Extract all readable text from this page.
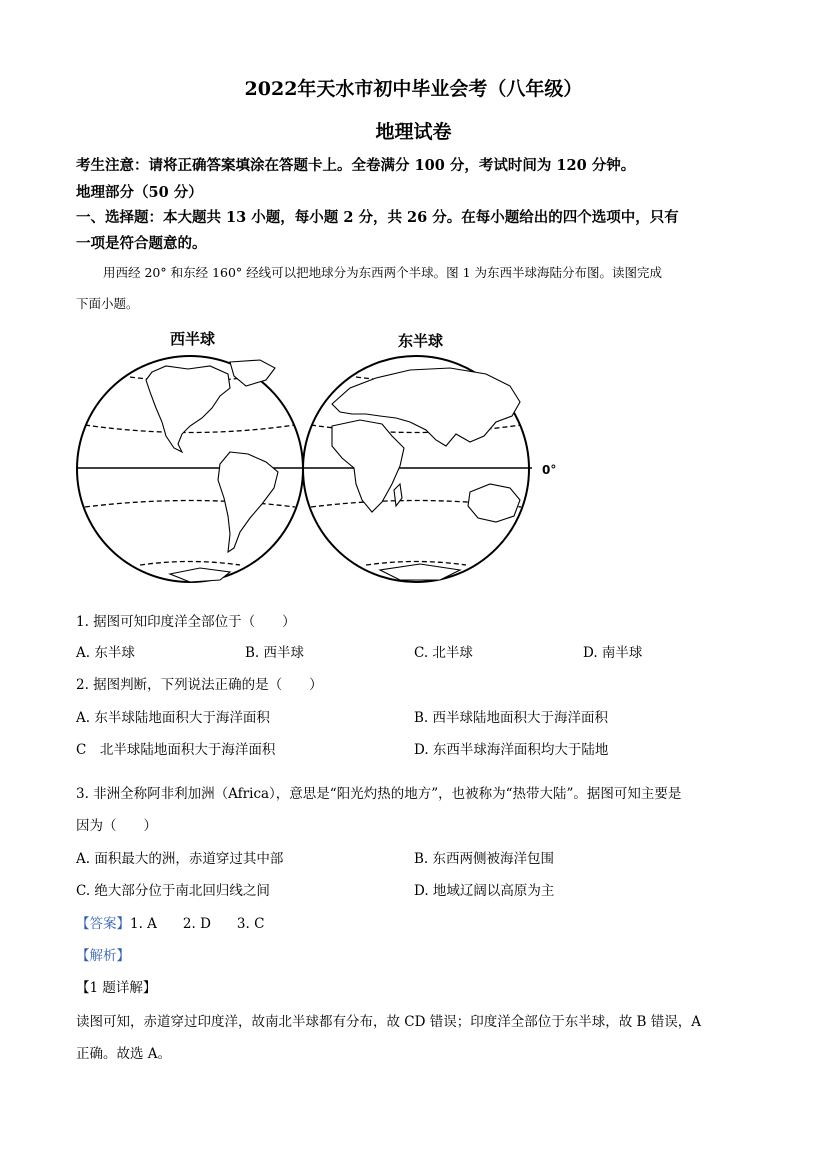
2022年天水市初中毕业会考（八年级）
地理试卷
考生注意：请将正确答案填涂在答题卡上。全卷满分 100 分，考试时间为 120 分钟。
地理部分（50 分）
一、选择题：本大题共 13 小题，每小题 2 分，共 26 分。在每小题给出的四个选项中，只有
一项是符合题意的。
用西经 20° 和东经 160° 经线可以把地球分为东西两个半球。图 1 为东西半球海陆分布图。读图完成
下面小题。
西半球	东半球
0°
1. 据图可知印度洋全部位于（　　）
A. 东半球	B. 西半球	C. 北半球	D. 南半球
2. 据图判断，下列说法正确的是（　　）
A. 东半球陆地面积大于海洋面积	B. 西半球陆地面积大于海洋面积
C　北半球陆地面积大于海洋面积	D. 东西半球海洋面积均大于陆地
3. 非洲全称阿非利加洲（Africa），意思是“阳光灼热的地方”，也被称为“热带大陆”。据图可知主要是
因为（　　）
A. 面积最大的洲，赤道穿过其中部	B. 东西两侧被海洋包围
C. 绝大部分位于南北回归线之间	D. 地域辽阔以高原为主
【答案】1. A 2. D 3. C
【解析】
【1 题详解】
读图可知，赤道穿过印度洋，故南北半球都有分布，故 CD 错误；印度洋全部位于东半球，故 B 错误，A
正确。故选 A。
